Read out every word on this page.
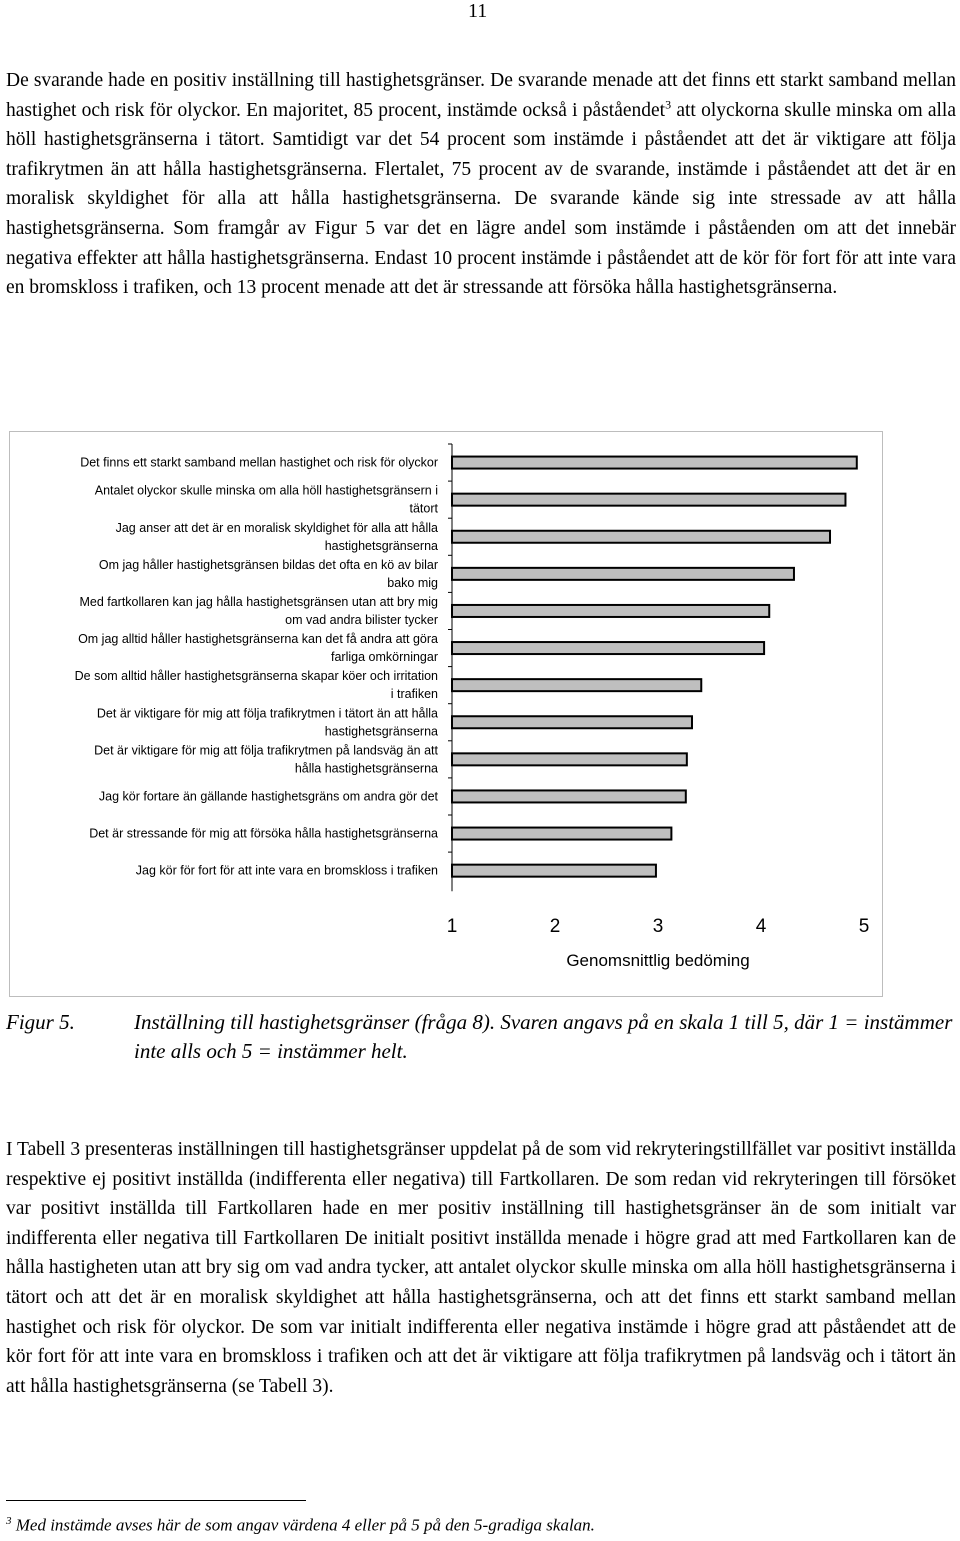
11

De svarande hade en positiv inställning till hastighetsgränser. De svarande menade att det finns ett starkt samband mellan hastighet och risk för olyckor. En majoritet, 85 procent, instämde också i påståendet$^3$ att olyckorna skulle minska om alla höll hastighetsgränserna i tätort. Samtidigt var det 54 procent som instämde i påståendet att det är viktigare att följa trafikrytmen än att hålla hastighetsgränserna. Flertalet, 75 procent av de svarande, instämde i påståendet att det är en moralisk skyldighet för alla att hålla hastighetsgränserna. De svarande kände sig inte stressade av att hålla hastighetsgränserna. Som framgår av Figur 5 var det en lägre andel som instämde i påståenden om att det innebär negativa effekter att hålla hastighetsgränserna. Endast 10 procent instämde i påståendet att de kör för fort för att inte vara en bromskloss i trafiken, och 13 procent menade att det är stressande att försöka hålla hastighetsgränserna.

Det finns ett starkt samband mellan hastighet och risk för olyckor
Antalet olyckor skulle minska om alla höll hastighetsgränsern i tätort
Jag anser att det är en moralisk skyldighet för alla att hålla hastighetsgränserna
Om jag håller hastighetsgränsen bildas det ofta en kö av bilar bako mig
Med fartkollaren kan jag hålla hastighetsgränsen utan att bry mig om vad andra bilister tycker
Om jag alltid håller hastighetsgränserna kan det få andra att göra farliga omkörningar
De som alltid håller hastighetsgränserna skapar köer och irritation i trafiken
Det är viktigare för mig att följa trafikrytmen i tätort än att hålla hastighetsgränserna
Det är viktigare för mig att följa trafikrytmen på landsväg än att hålla hastighetsgränserna
Jag kör fortare än gällande hastighetsgräns om andra gör det
Det är stressande för mig att försöka hålla hastighetsgränserna
Jag kör för fort för att inte vara en bromskloss i trafiken
1	2	3	4	5
Genomsnittlig bedöming
Figur 5.	Inställning till hastighetsgränser (fråga 8). Svaren angavs på en skala 1 till 5, där 1 = instämmer inte alls och 5 = instämmer helt.

I Tabell 3 presenteras inställningen till hastighetsgränser uppdelat på de som vid rekryteringstillfället var positivt inställda respektive ej positivt inställda (indifferenta eller negativa) till Fartkollaren. De som redan vid rekryteringen till försöket var positivt inställda till Fartkollaren hade en mer positiv inställning till hastighetsgränser än de som initialt var indifferenta eller negativa till Fartkollaren De initialt positivt inställda menade i högre grad att med Fartkollaren kan de hålla hastigheten utan att bry sig om vad andra tycker, att antalet olyckor skulle minska om alla höll hastighetsgränserna i tätort och att det är en moralisk skyldighet att hålla hastighetsgränserna, och att det finns ett starkt samband mellan hastighet och risk för olyckor. De som var initialt indifferenta eller negativa instämde i högre grad att påståendet att de kör fort för att inte vara en bromskloss i trafiken och att det är viktigare att följa trafikrytmen på landsväg och i tätort än att hålla hastighetsgränserna (se Tabell 3).

$^3$ Med instämde avses här de som angav värdena 4 eller på 5 på den 5-gradiga skalan.
